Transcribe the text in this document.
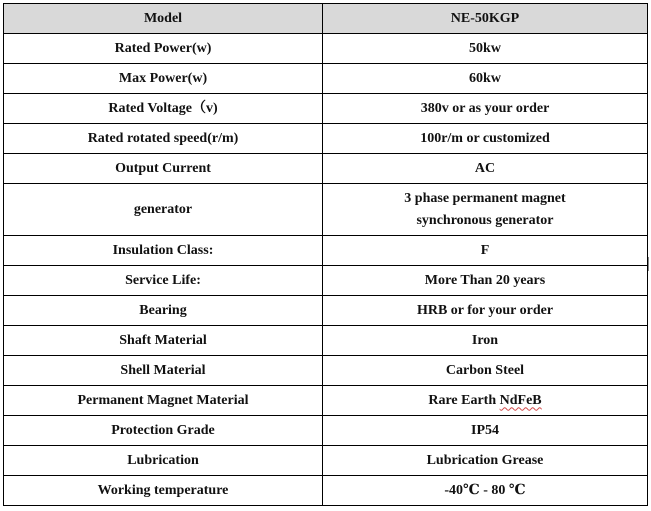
Model	NE-50KGP
Rated Power(w)	50kw
Max Power(w)	60kw
Rated Voltage（v)	380v or as your order
Rated rotated speed(r/m)	100r/m or customized
Output Current	AC
generator	3 phase permanent magnet
synchronous generator

Insulation Class:	F
Service Life:	More Than 20 years
Bearing	HRB or for your order
Shaft Material	Iron
Shell Material	Carbon Steel
Permanent Magnet Material	Rare Earth NdFeB
Protection Grade	IP54
Lubrication	Lubrication Grease
Working temperature	-40℃ - 80 ℃
